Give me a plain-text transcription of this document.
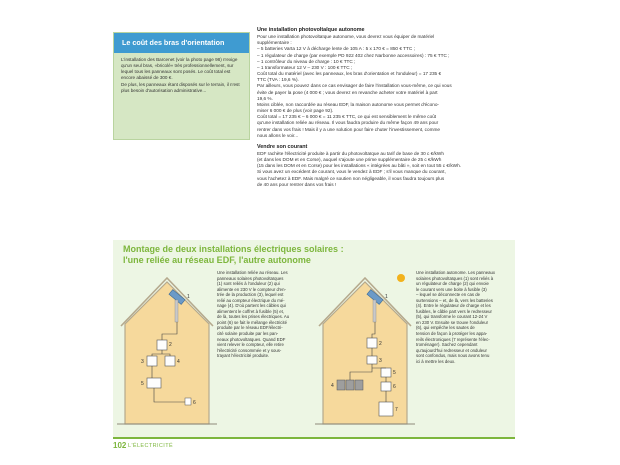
Le coût des bras d'orientation

L'installation des Barcenet (voir la photo page 98) n'exige qu'un seul bras, «bricolé» très professionnellement, sur lequel tous les panneaux sont posés. Le coût total est encore abaissé de 300 €.

De plus, les panneaux étant disposés sur le terrain, il n'est plus besoin d'autorisation administrative...

Une installation photovoltaïque autonome

Pour une installation photovoltaïque autonome, vous devrez vous équiper de matériel

supplémentaire :

– 5 batteries Varta 12 V à décharge lente de 105 A : 5 x 170 € = 850 € TTC ;

– 1 régulateur de charge (par exemple PD 922 402 chez Narbonne accessoires) : 75 € TTC ;

– 1 contrôleur du niveau de charge : 10 € TTC ;

– 1 transformateur 12 V – 230 V : 100 € TTC ;

Coût total du matériel (avec les panneaux, les bras d'orientation et l'onduleur) = 17 235 €

TTC (TVA : 19,6 %).

Par ailleurs, vous pouvez dans ce cas envisager de faire l'installation vous-même, ce qui vous

évite de payer la pose (4 000 € ; vous devrez en revanche acheter votre matériel à part

19,6 %.

Moins ciblée, non raccordée au réseau EDF, la maison autonome vous permet d'écono-

miser 6 000 € de plus (voir page 92).

Coût total = 17 235 € – 6 000 € = 11 235 € TTC, ce qui est sensiblement le même coût

qu'une installation reliée au réseau. Il vous faudra produire du même façon 49 ans pour

rentrer dans vos frais ! Mais il y a une solution pour faire chuter l'investissement, comme

nous allons le voir...

Vendre son courant

EDF rachète l'électricité produite à partir du photovoltaïque au tarif de base de 30 c €/kWh

(et dans les DOM et en Corse), auquel s'ajoute une prime supplémentaire de 25 c €/kWh

(15 dans les DOM et en Corse) pour les installations « intégrées au bâti », soit en tout 55 c €/kWh.

Si vous avez un excédent de courant, vous le vendez à EDF ; s'il vous manque du courant,

vous l'achetez à EDF. Mais malgré ce soutien non négligeable, il vous faudra toujours plus

de 40 ans pour rentrer dans vos frais !

Montage de deux installations électriques solaires :
l'une reliée au réseau EDF, l'autre autonome
1
2
3	4
5
6

Une installation reliée au réseau. Les

panneaux solaires photovoltaïques

(1) sont reliés à l'onduleur (2) qui

alimente en 230 V le compteur d'en-

trée de la production (3), lequel est

relié au compteur électrique du mé-

nage (4). D'où partent les câbles qui

alimentent le coffret à fusible (5) et,

de là, toutes les prises électriques. Au

point (6) se fait le mélange électricité

produite par le réseau EDF/électri-

cité solaire produite par les pan-

neaux photovoltaïques. Quand EDF

vient relever le compteur, elle retire

l'électricité consommée et y sous-

trayant l'électricité produite.

1
2
3
4
5
6
7

Une installation autonome. Les panneaux

solaires photovoltaïques (1) sont reliés à

un régulateur de charge (2) qui envoie

le courant vers une boite à fusible (3)

– lequel se déconnecte en cas de

surtensions – et, de là, vers les batteries

(4). Entre le régulateur de charge et les

fusibles, le câble part vers le redresseur

(5), qui transforme le courant 12-24 V

en 230 V. Ensuite se trouve l'onduleur

(6), qui empêche les sautes de

tension de façon à protéger les appa-

reils électroniques (7 représente l'élec-

troménager). Sachez cependant

qu'aujourd'hui redresseur et onduleur

sont confondus, mais nous avons tenu

ici à mettre les deux.

102 L'ÉLECTRICITÉ
